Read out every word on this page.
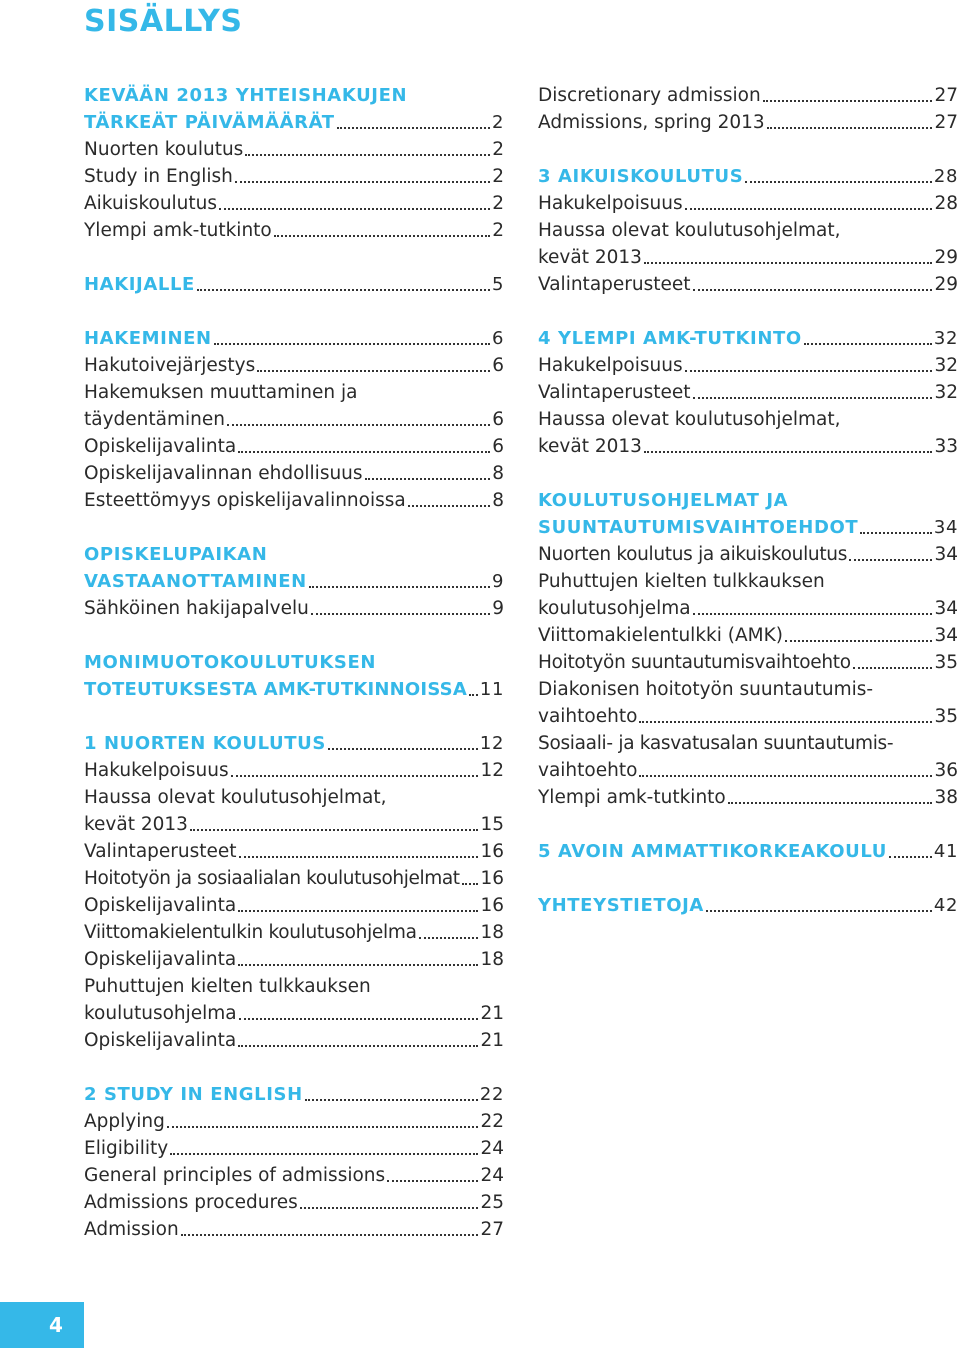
SISÄLLYS
KEVÄÄN 2013 YHTEISHAKUJEN
TÄRKEÄT PÄIVÄMÄÄRÄT	2
Nuorten koulutus	2
Study in English	2
Aikuiskoulutus	2
Ylempi amk-tutkinto	2
HAKIJALLE	5
HAKEMINEN	6
Hakutoivejärjestys	6
Hakemuksen muuttaminen ja
täydentäminen	6
Opiskelijavalinta	6
Opiskelijavalinnan ehdollisuus	8
Esteettömyys opiskelijavalinnoissa	8
OPISKELUPAIKAN
VASTAANOTTAMINEN	9
Sähköinen hakijapalvelu	9
MONIMUOTOKOULUTUKSEN
TOTEUTUKSESTA AMK-TUTKINNOISSA 11
1 NUORTEN KOULUTUS	12
Hakukelpoisuus	12
Haussa olevat koulutusohjelmat,
kevät 2013	15
Valintaperusteet	16
Hoitotyön ja sosiaalialan koulutusohjelmat 16
Opiskelijavalinta	16
Viittomakielentulkin koulutusohjelma	18
Opiskelijavalinta	18
Puhuttujen kielten tulkkauksen
koulutusohjelma	21
Opiskelijavalinta	21
2 STUDY IN ENGLISH	22
Applying	22
Eligibility	24
General principles of admissions	24
Admissions procedures	25
Admission	27
Discretionary admission	27
Admissions, spring 2013	27
3 AIKUISKOULUTUS	28
Hakukelpoisuus	28
Haussa olevat koulutusohjelmat,
kevät 2013	29
Valintaperusteet	29
4 YLEMPI AMK-TUTKINTO	32
Hakukelpoisuus	32
Valintaperusteet	32
Haussa olevat koulutusohjelmat,
kevät 2013	33
KOULUTUSOHJELMAT JA
SUUNTAUTUMISVAIHTOEHDOT	34
Nuorten koulutus ja aikuiskoulutus	34
Puhuttujen kielten tulkkauksen
koulutusohjelma	34
Viittomakielentulkki (AMK)	34
Hoitotyön suuntautumisvaihtoehto	35
Diakonisen hoitotyön suuntautumis-
vaihtoehto	35
Sosiaali- ja kasvatusalan suuntautumis-
vaihtoehto	36
Ylempi amk-tutkinto	38
5 AVOIN AMMATTIKORKEAKOULU	41
YHTEYSTIETOJA	42
4
